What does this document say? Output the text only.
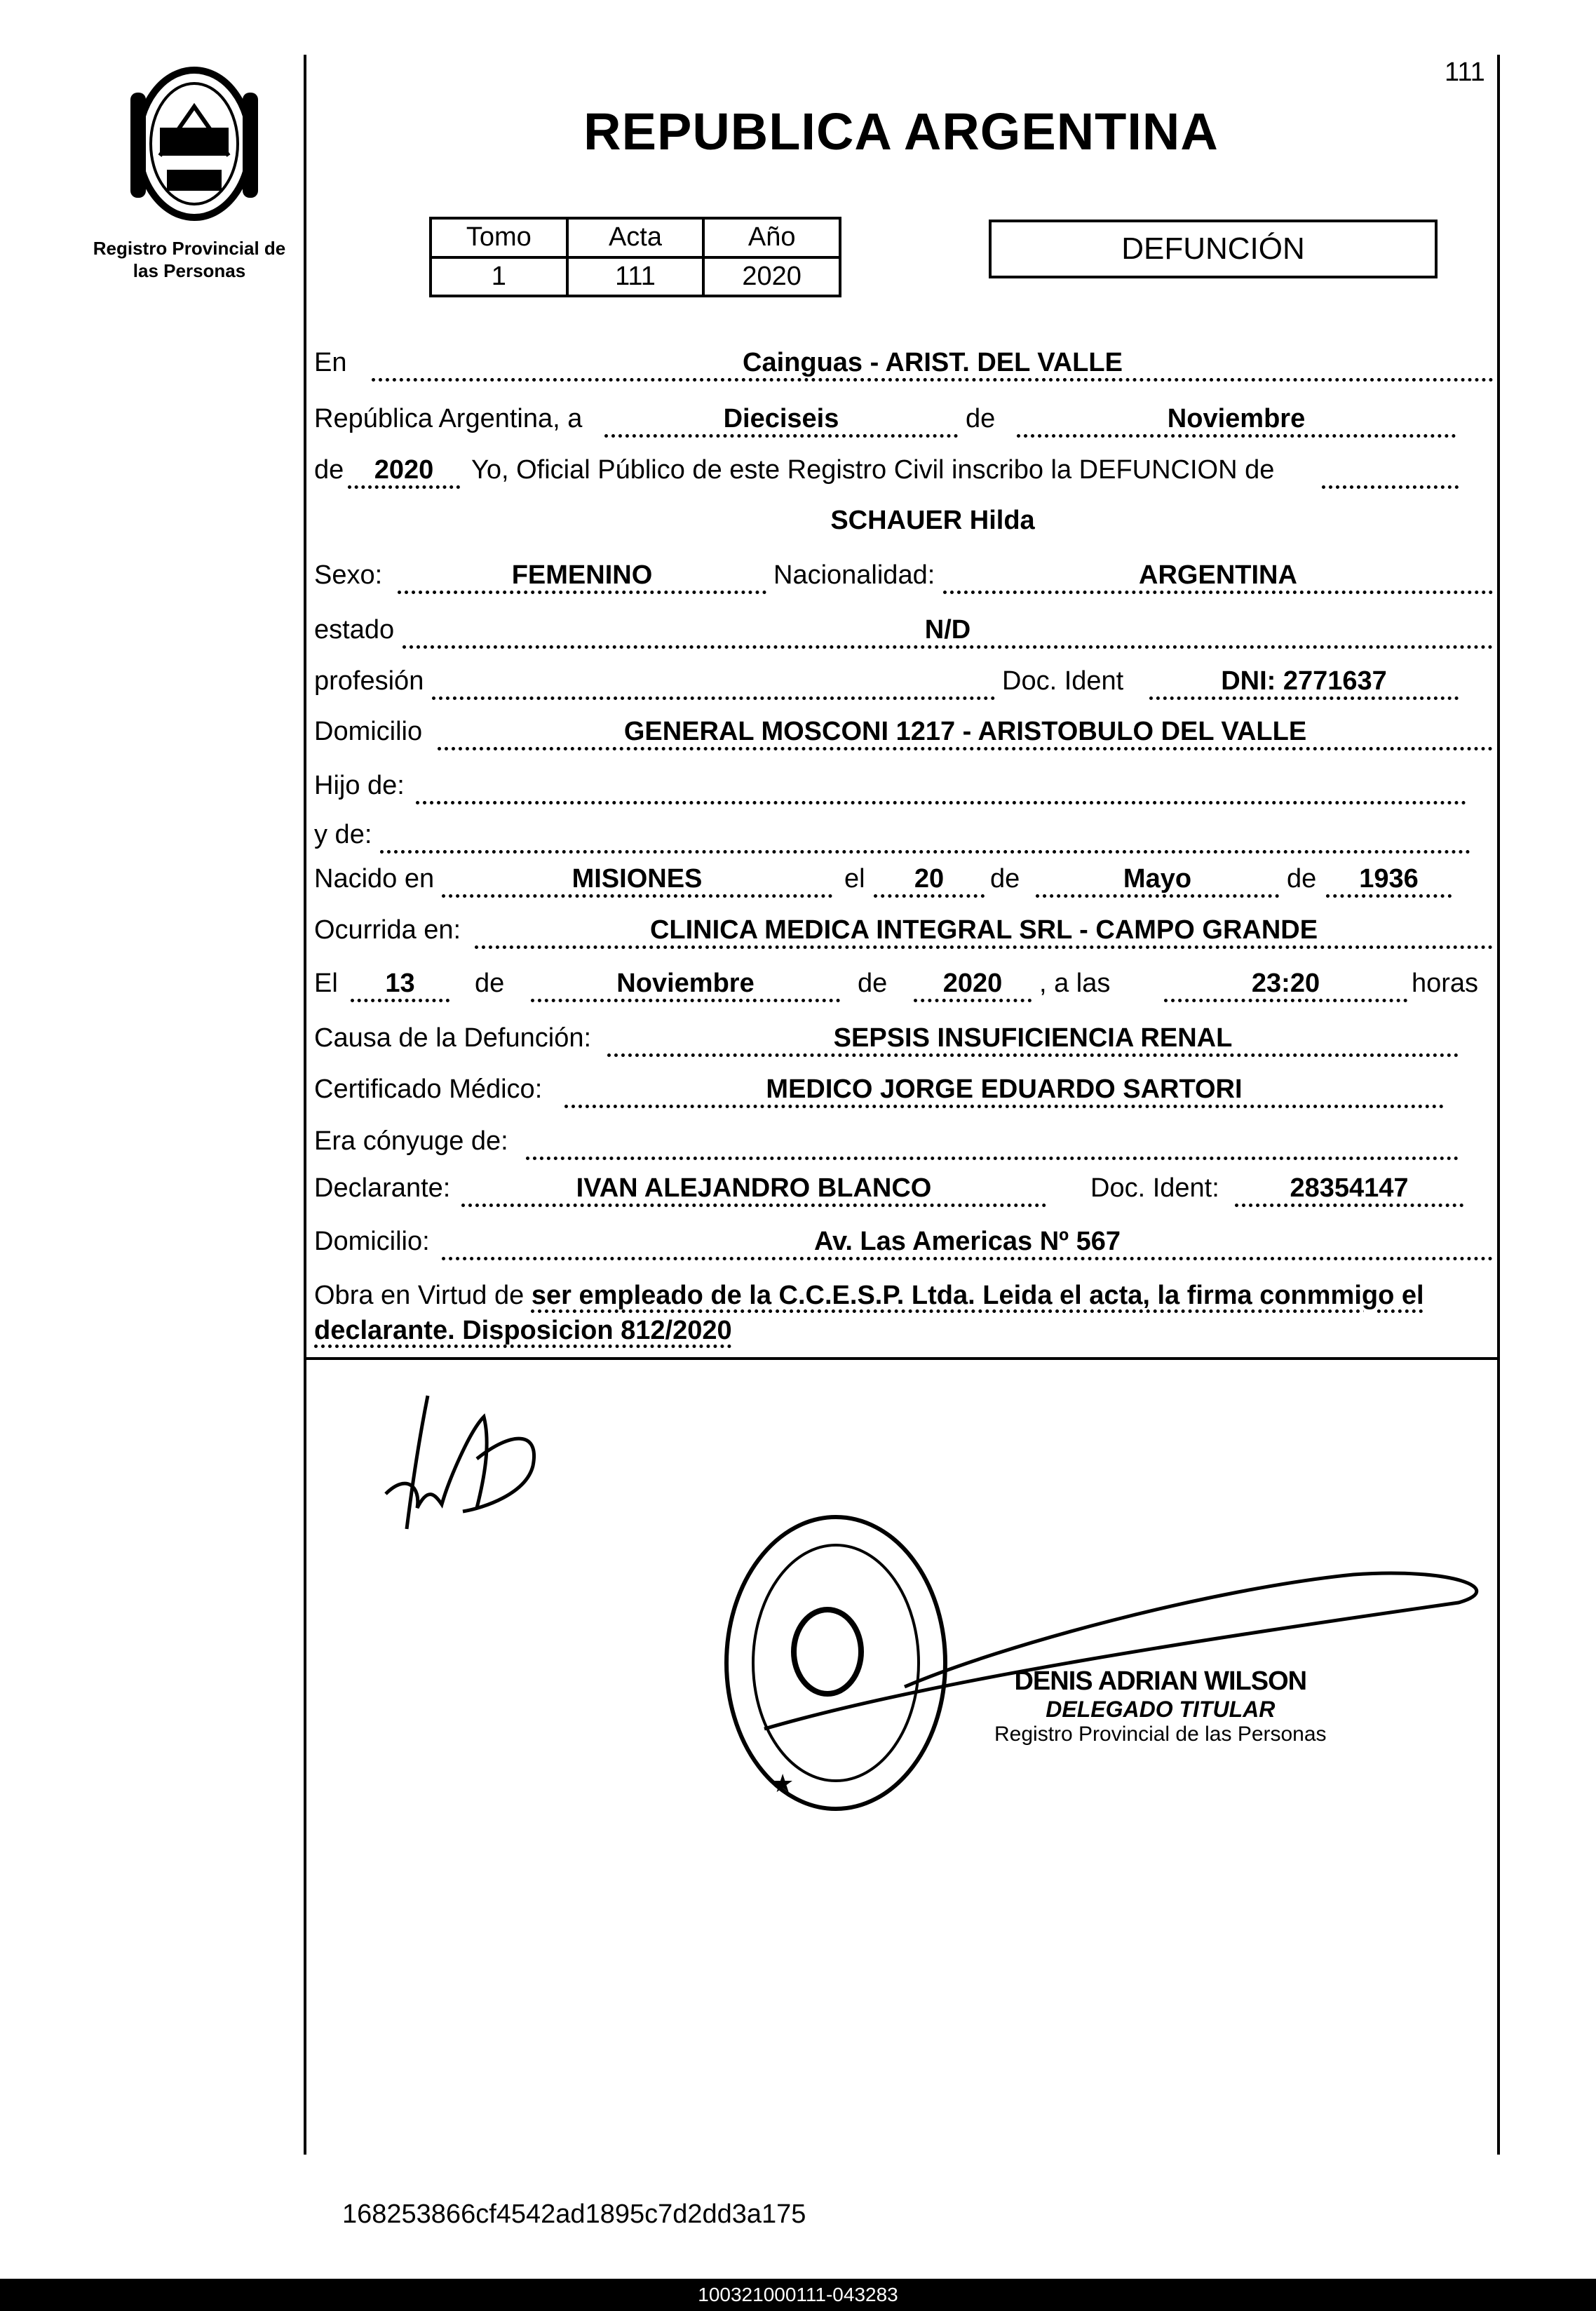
111
Registro Provincial de
las Personas
REPUBLICA ARGENTINA
Tomo	Acta	Año
1	111	2020
DEFUNCIÓN
En	Cainguas - ARIST. DEL VALLE
República Argentina, a	Dieciseis	de	Noviembre
de	2020	Yo, Oficial Público de este Registro Civil inscribo la DEFUNCION de
SCHAUER Hilda
Sexo:	FEMENINO	Nacionalidad:	ARGENTINA
estado	N/D
profesión	Doc. Ident	DNI: 2771637
Domicilio	GENERAL MOSCONI 1217 - ARISTOBULO DEL VALLE
Hijo de:
y de:
Nacido en	MISIONES	el	20	de	Mayo	de	1936
Ocurrida en:	CLINICA MEDICA INTEGRAL SRL - CAMPO GRANDE
El	13	de	Noviembre	de	2020	, a las	23:20	horas
Causa de la Defunción:	SEPSIS INSUFICIENCIA RENAL
Certificado Médico:	MEDICO JORGE EDUARDO SARTORI
Era cónyuge de:
Declarante:	IVAN ALEJANDRO BLANCO	Doc. Ident:	28354147
Domicilio:	Av. Las Americas Nº 567
Obra en Virtud de ser empleado de la C.C.E.S.P. Ltda. Leida el acta, la firma conmmigo el declarante. Disposicion 812/2020
★
DENIS ADRIAN WILSON
DELEGADO TITULAR
Registro Provincial de las Personas
168253866cf4542ad1895c7d2dd3a175
100321000111-043283
